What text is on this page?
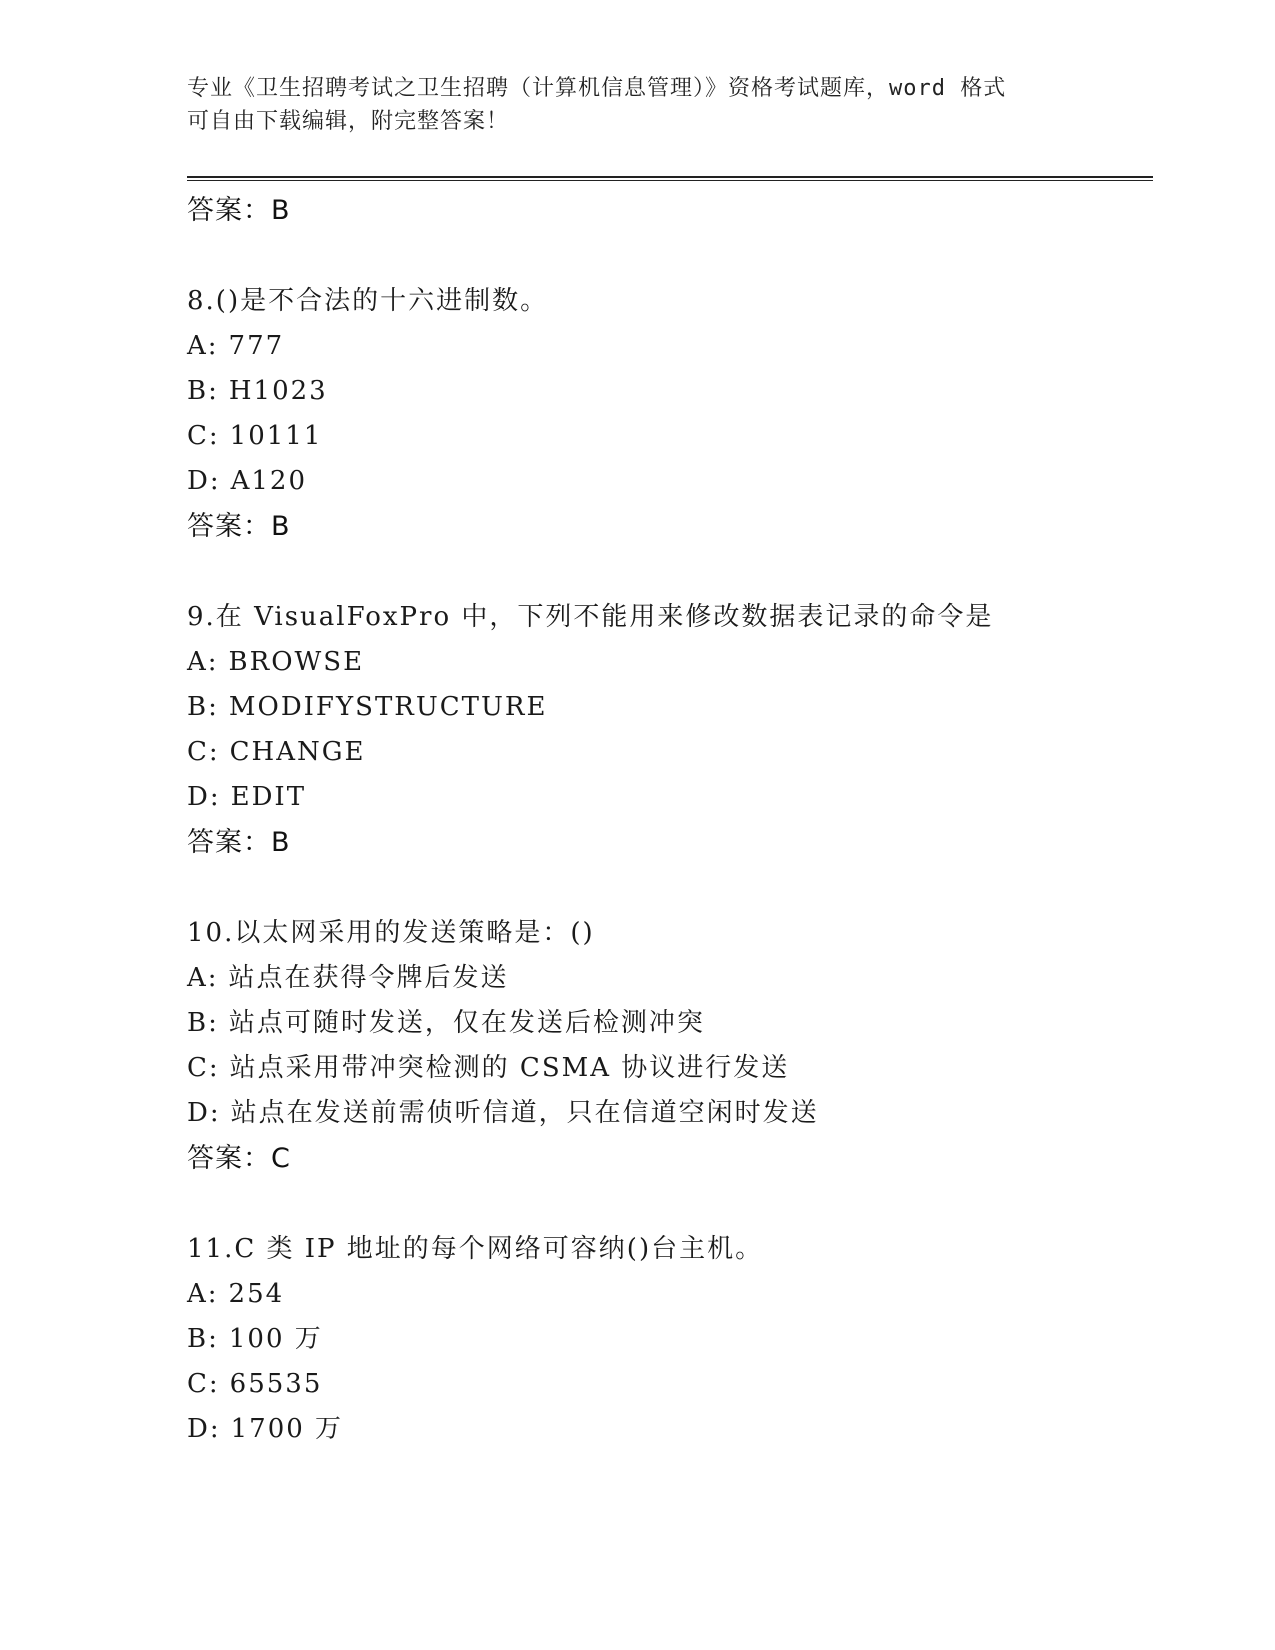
专业《卫生招聘考试之卫生招聘（计算机信息管理）》资格考试题库，word 格式
可自由下载编辑，附完整答案！
答案：B
8.()是不合法的十六进制数。
A: 777
B: H1023
C: 10111
D: A120
答案：B
9.在 VisualFoxPro 中，下列不能用来修改数据表记录的命令是
A: BROWSE
B: MODIFYSTRUCTURE
C: CHANGE
D: EDIT
答案：B
10.以太网采用的发送策略是：()
A: 站点在获得令牌后发送
B: 站点可随时发送，仅在发送后检测冲突
C: 站点采用带冲突检测的 CSMA 协议进行发送
D: 站点在发送前需侦听信道，只在信道空闲时发送
答案：C
11.C 类 IP 地址的每个网络可容纳()台主机。
A: 254
B: 100 万
C: 65535
D: 1700 万
